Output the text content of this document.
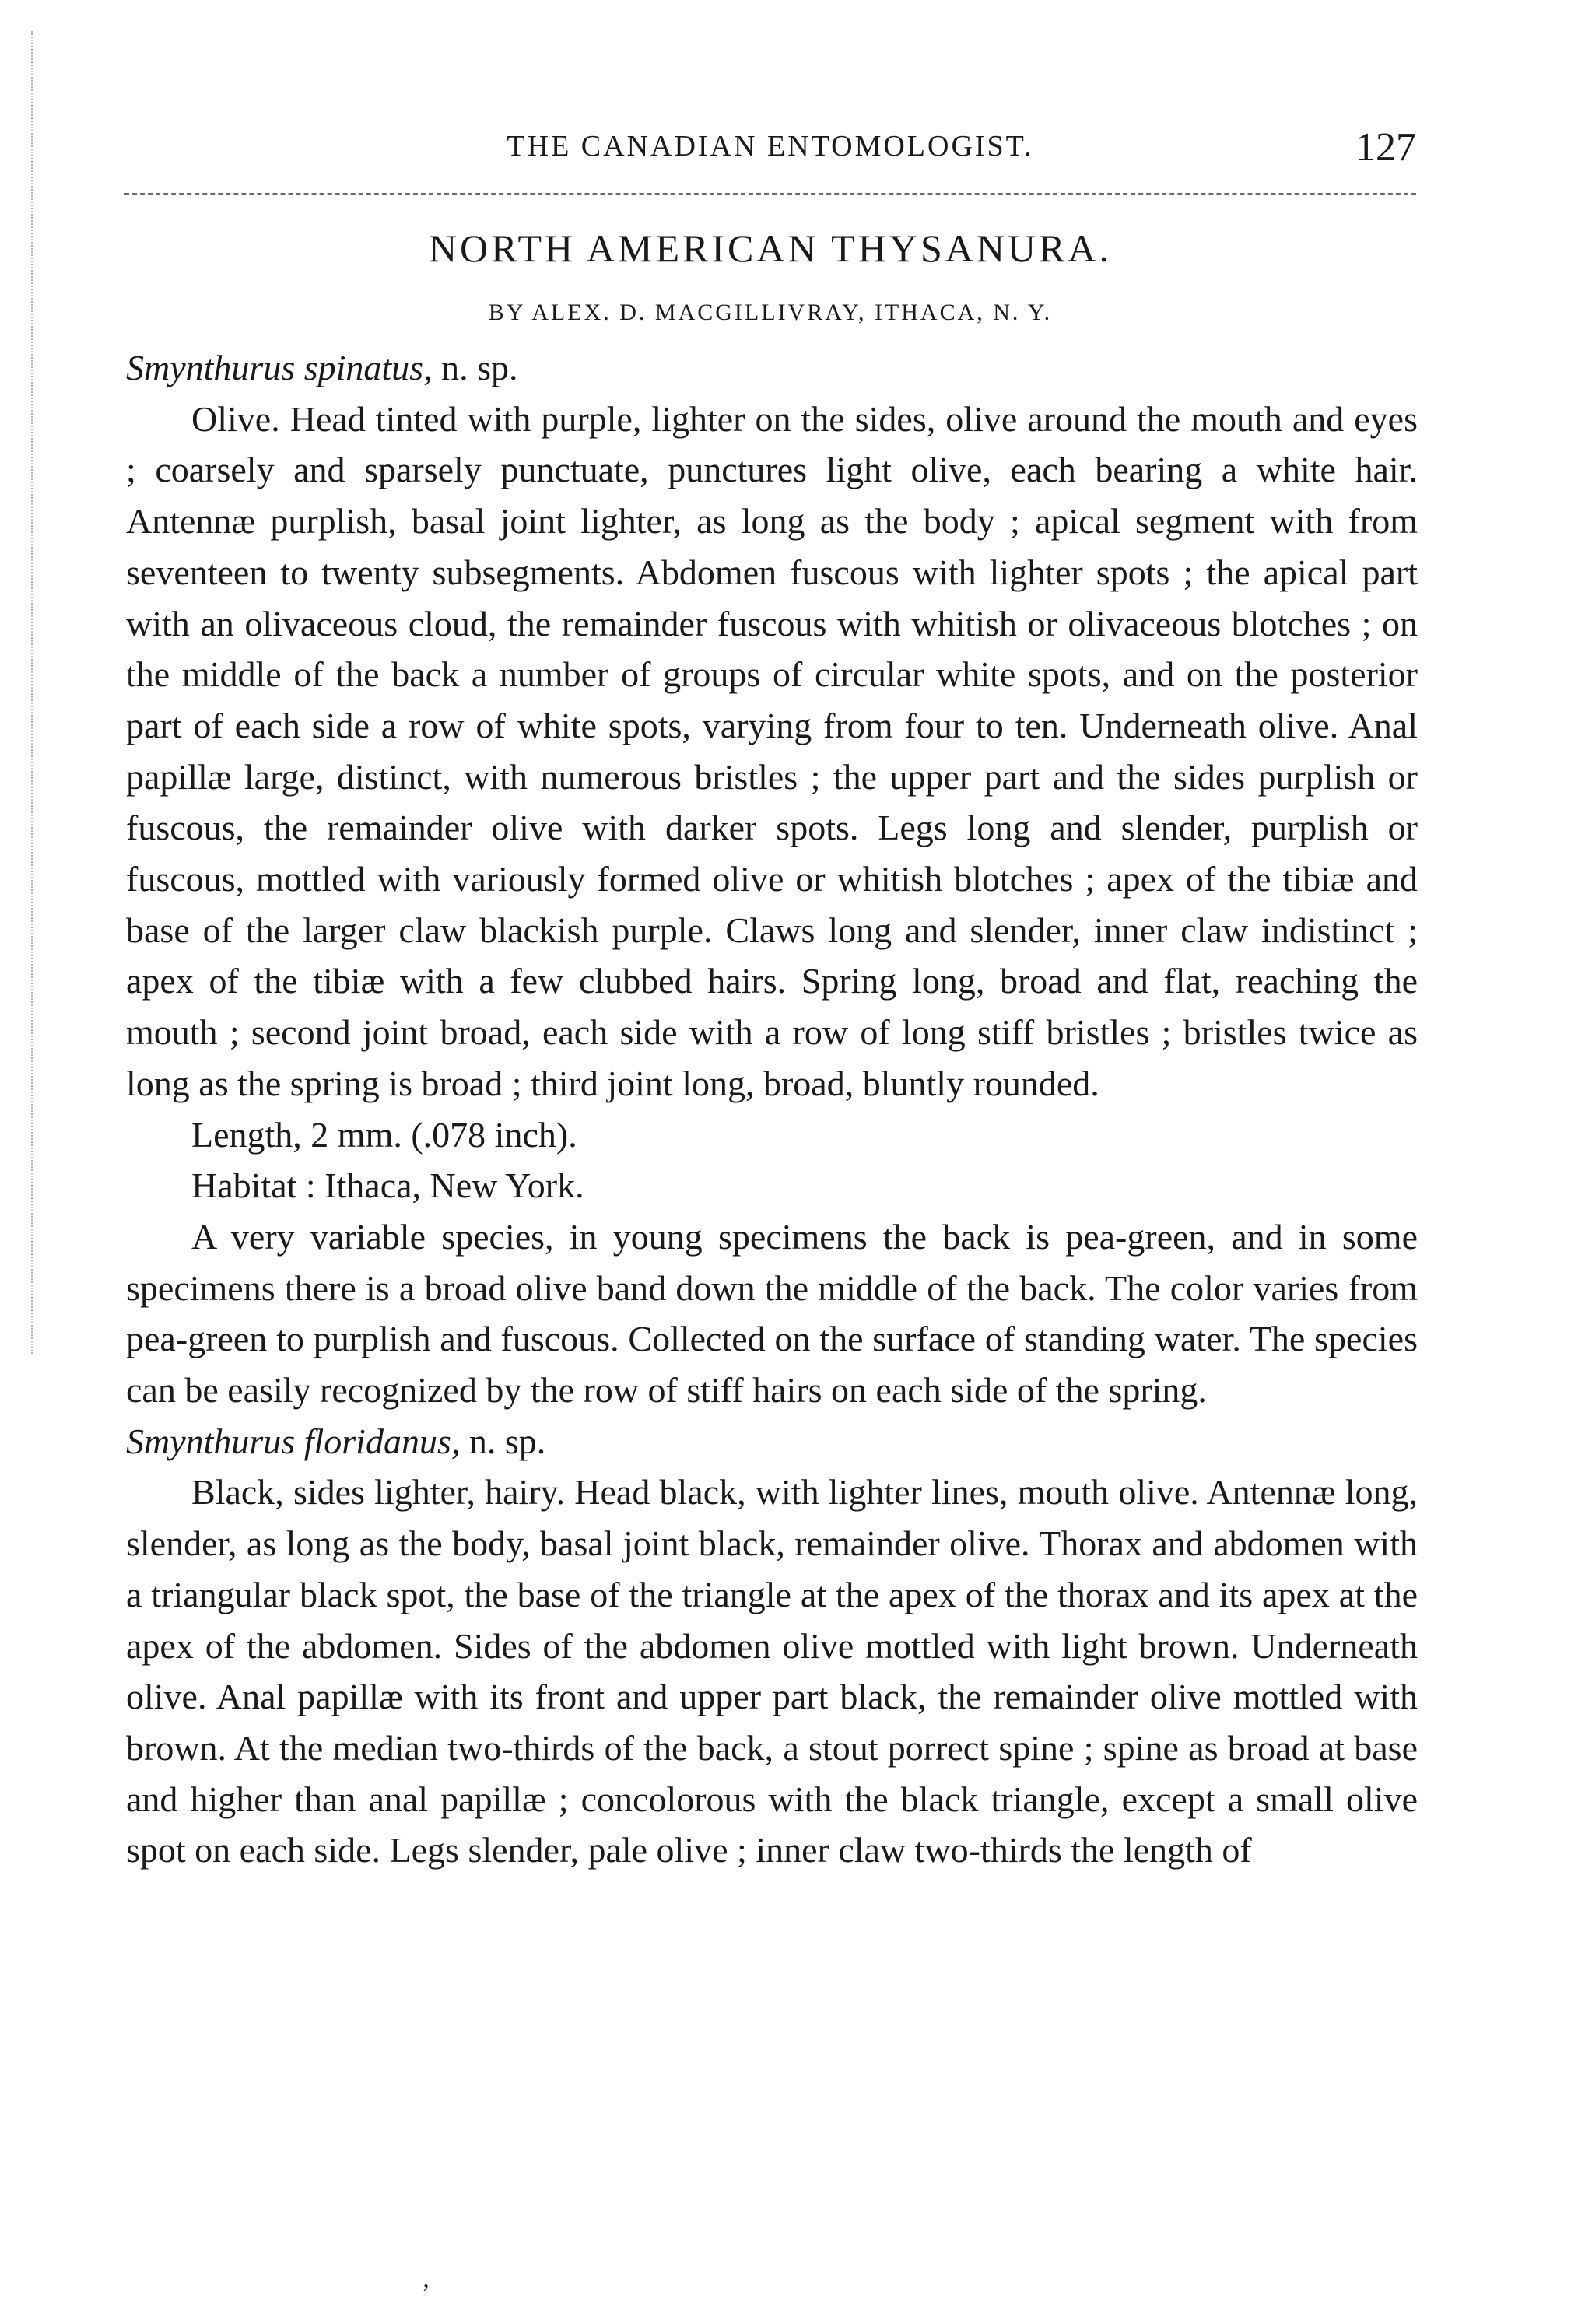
THE CANADIAN ENTOMOLOGIST.	127
NORTH AMERICAN THYSANURA.
BY ALEX. D. MACGILLIVRAY, ITHACA, N. Y.

Smynthurus spinatus, n. sp.

Olive. Head tinted with purple, lighter on the sides, olive around the mouth and eyes ; coarsely and sparsely punctuate, punctures light olive, each bearing a white hair. Antennæ purplish, basal joint lighter, as long as the body ; apical segment with from seventeen to twenty subsegments. Abdomen fuscous with lighter spots ; the apical part with an olivaceous cloud, the remainder fuscous with whitish or olivaceous blotches ; on the middle of the back a number of groups of circular white spots, and on the posterior part of each side a row of white spots, varying from four to ten. Underneath olive. Anal papillæ large, distinct, with numerous bristles ; the upper part and the sides purplish or fuscous, the remainder olive with darker spots. Legs long and slender, purplish or fuscous, mottled with variously formed olive or whitish blotches ; apex of the tibiæ and base of the larger claw blackish purple. Claws long and slender, inner claw indistinct ; apex of the tibiæ with a few clubbed hairs. Spring long, broad and flat, reaching the mouth ; second joint broad, each side with a row of long stiff bristles ; bristles twice as long as the spring is broad ; third joint long, broad, bluntly rounded.

Length, 2 mm. (.078 inch).

Habitat : Ithaca, New York.

A very variable species, in young specimens the back is pea-green, and in some specimens there is a broad olive band down the middle of the back. The color varies from pea-green to purplish and fuscous. Collected on the surface of standing water. The species can be easily recognized by the row of stiff hairs on each side of the spring.

Smynthurus floridanus, n. sp.

Black, sides lighter, hairy. Head black, with lighter lines, mouth olive. Antennæ long, slender, as long as the body, basal joint black, remainder olive. Thorax and abdomen with a triangular black spot, the base of the triangle at the apex of the thorax and its apex at the apex of the abdomen. Sides of the abdomen olive mottled with light brown. Underneath olive. Anal papillæ with its front and upper part black, the remainder olive mottled with brown. At the median two-thirds of the back, a stout porrect spine ; spine as broad at base and higher than anal papillæ ; concolorous with the black triangle, except a small olive spot on each side. Legs slender, pale olive ; inner claw two-thirds the length of

’
